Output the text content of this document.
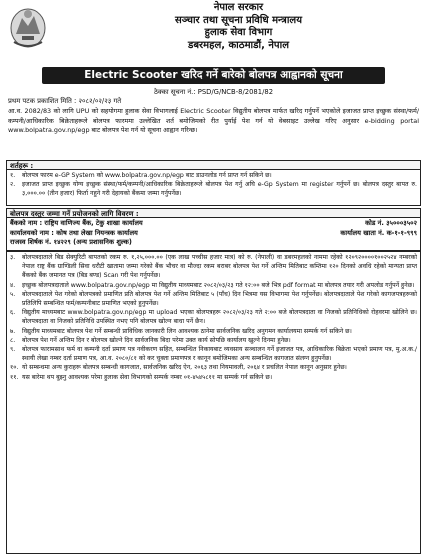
नेपाल सरकार
सञ्चार तथा सूचना प्रविधि मन्त्रालय
हुलाक सेवा विभाग
डबरमहल, काठमाडौं, नेपाल
Electric Scooter खरिद गर्ने बारेको बोलपत्र आह्वानको सूचना
ठेक्का सूचना नं.: PSD/G/NCB-8/2081/82
प्रथम पटक प्रकाशित मिति : २०८२/०२/२३ गते
आ.व. 2082/83 को लागि UPU को सहयोगमा हुलाक सेवा विभागलाई Electric Scooter विद्युतीय बोलपत्र मार्फत खरिद गर्नुपर्ने भएकोले इजाजत प्राप्त इच्छुक संस्था/फर्म/कम्पनी/आधिकारिक बिक्रेताहरूले बोलपत्र फारममा उल्लेखित शर्त बमोजिमको रीत पुर्याई पेश गर्न यो वेबसाइट उल्लेख गरिए अनुसार e-bidding portal www.bolpatra.gov.np/egp बाट बोलपत्र पेश गर्न यो सूचना आह्वान गरिन्छ।
शर्तहरू :
१.	बोलपत्र फारम e-GP System को www.bolpatra.gov.np/egp बाट डाउनलोड गर्न प्राप्त गर्न सकिने छ।
२.	इजाजत प्राप्त इच्छुक योग्य इच्छुक संस्था/फर्म/कम्पनी/आधिकारिक बिक्रेताहरूले बोलपत्र पेश गर्नु अघि e-Gp System मा register गर्नुपर्ने छ। बोलपत्र दस्तुर बापत रु. ३,०००.०० (तीन हजार) फिर्ता नहुने गरी देहायको बैंकमा जम्मा गर्नुपर्नेछ।
बोलपत्र दस्तुर जम्मा गर्ने प्रयोजनको लागि विवरण :
बैंकको नाम : राष्ट्रिय वाणिज्य बैंक, टेकु शाखा कार्यालय	कोड नं. ३५०००३५०२
कार्यालयको नाम : कोष तथा लेखा नियन्त्रक कार्यालय	कार्यालय खाता नं. क-१-१-९९९
राजस्व शिर्षक नं. १४२२९ (अन्य प्रशासनिक शुल्क)
३.	बोलपत्रदाताले बिड सेक्युरिटी बापतको रकम रु. १,२५,०००.०० (एक लाख पच्चीस हजार मात्र) को रु. (नेपाली) वा डबरमहलको नाममा रहेको १२०९२००००१००२५२४ नम्बरको नेपाल राष्ट्र बैंक ग्राण्डिली सिवा धरौटी खातामा जम्मा गरेको बैंक भौचर वा मौज्दा रकम बराबर बोलपत्र पेश गर्ने अन्तिम मितिबाट कम्तिमा १२० दिनको अवधि रहेको मान्यता प्राप्त बैंकको बैंक जमानत पत्र (बिड बण्ड) Scan गरी पेश गर्नुपर्नेछ।
४.	इच्छुक बोलपत्रदाताले www.bolpatra.gov.np/egp मा विद्युतीय माध्यमबाट २०८२/०३/२३ गते १२:०० बजे भित्र pdf format मा बोलपत्र तयार गरी अपलोड गर्नुपर्ने हुनेछ।
५.	बोलपत्रदाताले पेश गरेको बोलपत्रको प्रमाणित प्रति बोलपत्र पेश गर्ने अन्तिम मितिबाट ५ (पाँच) दिन भित्रमा यस विभागमा पेश गर्नुपर्नेछ। बोलपत्रदाताले पेश गरेको कागजपत्रहरूको प्रतिलिपि सम्बन्धित फर्म/कम्पनीबाट प्रमाणित भएको हुनुपर्नेछ।
६.	विद्युतीय माध्यमबाट www.bolpatra.gov.np/egp मा upload भएका बोलपत्रहरू २०८२/०३/२३ गते २:०० बजे बोलपत्रदाता वा निजको प्रतिनिधिको रोहवरमा खोलिने छ। बोलपत्रदाता वा निजको प्रतिनिधि उपस्थित नभए पनि बोलपत्र खोल्न बाधा पर्ने छैन।
७.	विद्युतीय माध्यमबाट बोलपत्र पेश गर्ने सम्बन्धी प्राविधिक जानकारी लिन आवश्यक ठानेमा सार्वजनिक खरिद अनुगमन कार्यालयमा सम्पर्क गर्न सकिने छ।
८.	बोलपत्र पेश गर्ने अन्तिम दिन र बोलपत्र खोल्ने दिन सार्वजनिक बिदा परेमा उक्त कार्य सोपछि कार्यालय खुल्ने दिनमा हुनेछ।
९.	बोलपत्र फारामसाथ फर्म वा कम्पनी दर्ता प्रमाण पत्र नवीकरण सहित, सम्बन्धित निकायबाट व्यवसाय सञ्चालन गर्ने इजाजत पत्र, आधिकारिक बिक्रेता भएको प्रमाण पत्र, मु.अ.क./स्थायी लेखा नम्बर दर्ता प्रमाण पत्र, आ.व. २०८०/८१ को कर चुक्ता प्रमाणपत्र र कानून बमोजिमका अन्य सम्बन्धित कागजात संलग्न हुनुपर्नेछ।
१०. यो सम्बन्धमा अन्य कुराहरू बोलपत्र सम्बन्धी कागजात, सार्वजनिक खरिद ऐन, २०६३ तथा नियमावली, २०६४ र प्रचलित नेपाल कानून अनुसार हुनेछ।
११. यस बारेमा थप बुझ्नु आवश्यक परेमा हुलाक सेवा विभागको सम्पर्क नम्बर ०१-४५४५८११ मा सम्पर्क गर्न सकिने छ।
